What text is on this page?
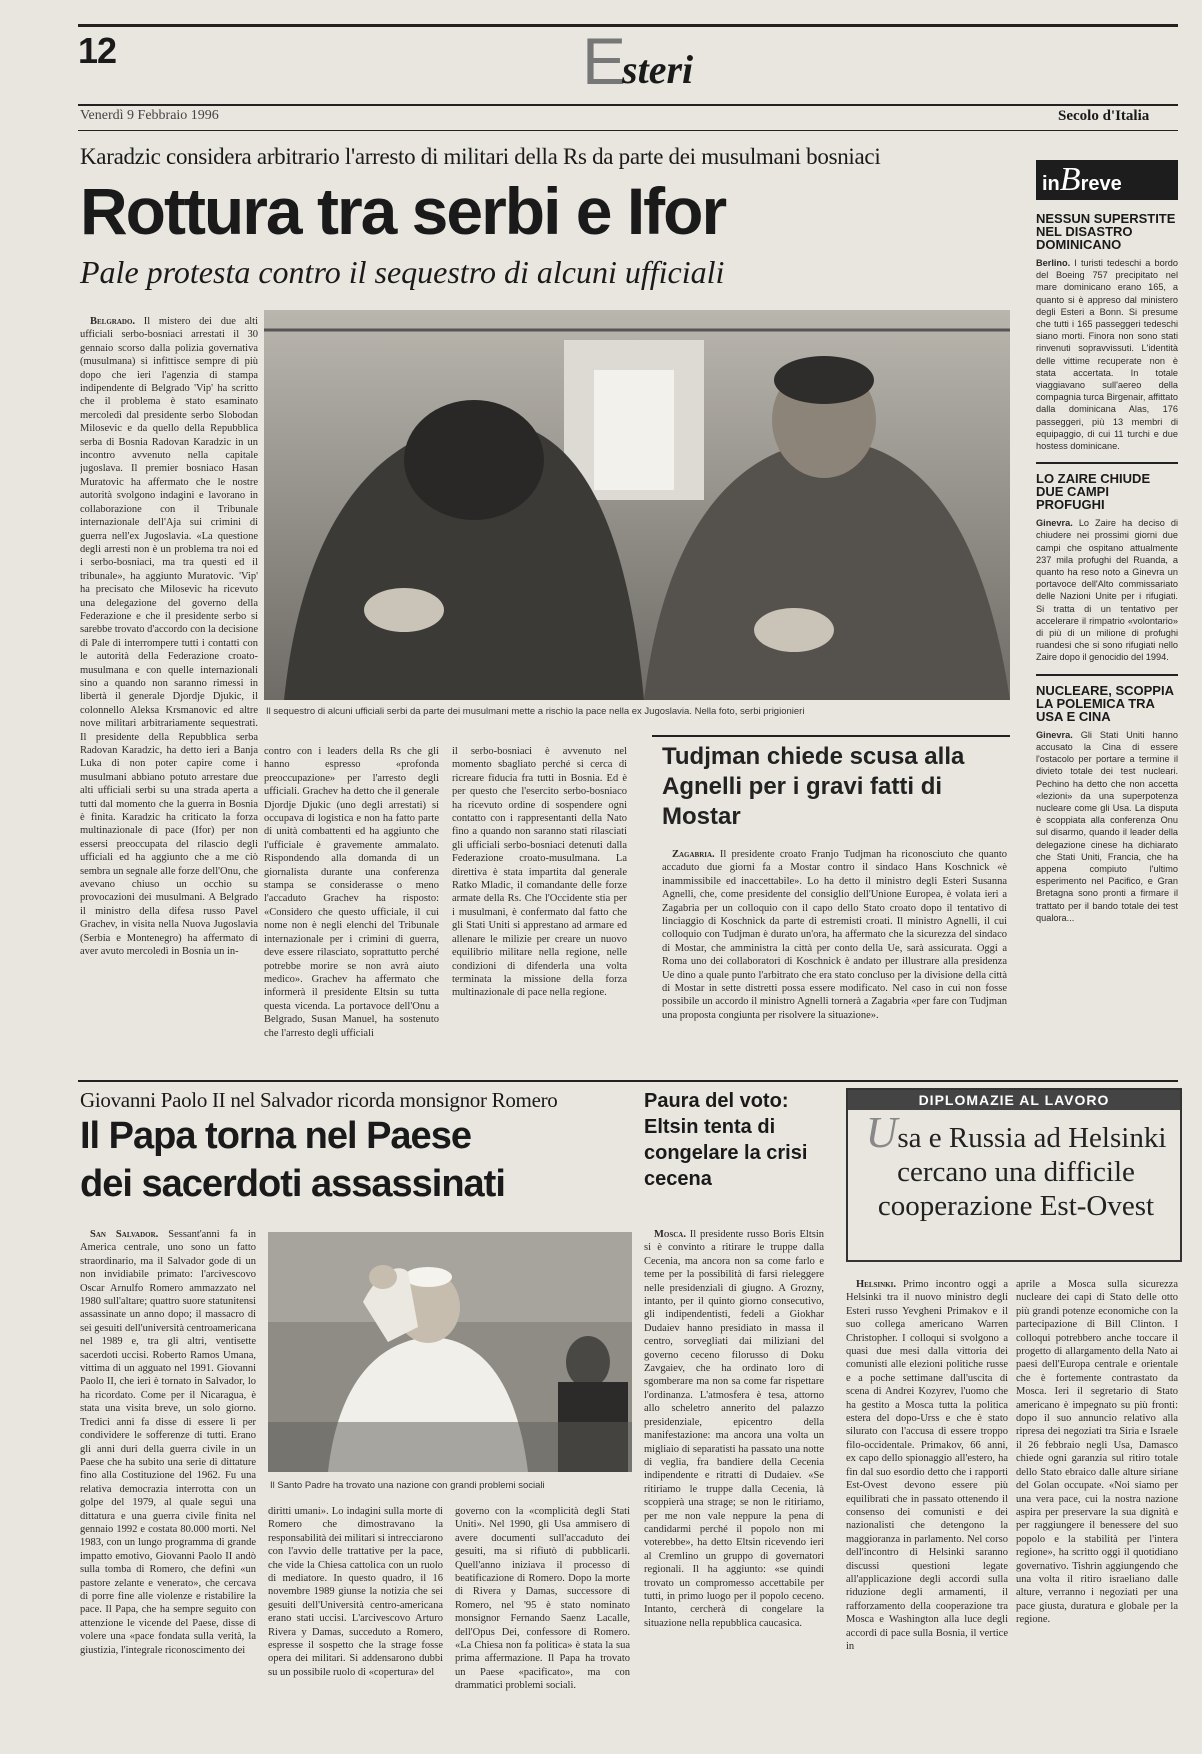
12	Esteri
Venerdì 9 Febbraio 1996	Secolo d'Italia
Karadzic considera arbitrario l'arresto di militari della Rs da parte dei musulmani bosniaci
Rottura tra serbi e Ifor
Pale protesta contro il sequestro di alcuni ufficiali

Belgrado. Il mistero dei due alti ufficiali serbo-bosniaci arrestati il 30 gennaio scorso dalla polizia governativa (musulmana) si infittisce sempre di più dopo che ieri l'agenzia di stampa indipendente di Belgrado 'Vip' ha scritto che il problema è stato esaminato mercoledì dal presidente serbo Slobodan Milosevic e da quello della Repubblica serba di Bosnia Radovan Karadzic in un incontro avvenuto nella capitale jugoslava. Il premier bosniaco Hasan Muratovic ha affermato che le nostre autorità svolgono indagini e lavorano in collaborazione con il Tribunale internazionale dell'Aja sui crimini di guerra nell'ex Jugoslavia. «La questione degli arresti non è un problema tra noi ed i serbo-bosniaci, ma tra questi ed il tribunale», ha aggiunto Muratovic. 'Vip' ha precisato che Milosevic ha ricevuto una delegazione del governo della Federazione e che il presidente serbo si sarebbe trovato d'accordo con la decisione di Pale di interrompere tutti i contatti con le autorità della Federazione croato-musulmana e con quelle internazionali sino a quando non saranno rimessi in libertà il generale Djordje Djukic, il colonnello Aleksa Krsmanovic ed altre nove militari arbitrariamente sequestrati. Il presidente della Repubblica serba Radovan Karadzic, ha detto ieri a Banja Luka di non poter capire come i musulmani abbiano potuto arrestare due alti ufficiali serbi su una strada aperta a tutti dal momento che la guerra in Bosnia è finita. Karadzic ha criticato la forza multinazionale di pace (Ifor) per non essersi preoccupata del rilascio degli ufficiali ed ha aggiunto che a me ciò sembra un segnale alle forze dell'Onu, che avevano chiuso un occhio su provocazioni dei musulmani. A Belgrado il ministro della difesa russo Pavel Grachev, in visita nella Nuova Jugoslavia (Serbia e Montenegro) ha affermato di aver avuto mercoledì in Bosnia un in-

Il sequestro di alcuni ufficiali serbi da parte dei musulmani mette a rischio la pace nella ex Jugoslavia. Nella foto, serbi prigionieri

contro con i leaders della Rs che gli hanno espresso «profonda preoccupazione» per l'arresto degli ufficiali. Grachev ha detto che il generale Djordje Djukic (uno degli arrestati) si occupava di logistica e non ha fatto parte di unità combattenti ed ha aggiunto che l'ufficiale è gravemente ammalato. Rispondendo alla domanda di un giornalista durante una conferenza stampa se considerasse o meno l'accaduto Grachev ha risposto: «Considero che questo ufficiale, il cui nome non è negli elenchi del Tribunale internazionale per i crimini di guerra, deve essere rilasciato, soprattutto perché potrebbe morire se non avrà aiuto medico». Grachev ha affermato che informerà il presidente Eltsin su tutta questa vicenda. La portavoce dell'Onu a Belgrado, Susan Manuel, ha sostenuto che l'arresto degli ufficiali

il serbo-bosniaci è avvenuto nel momento sbagliato perché si cerca di ricreare fiducia fra tutti in Bosnia. Ed è per questo che l'esercito serbo-bosniaco ha ricevuto ordine di sospendere ogni contatto con i rappresentanti della Nato fino a quando non saranno stati rilasciati gli ufficiali serbo-bosniaci detenuti dalla Federazione croato-musulmana. La direttiva è stata impartita dal generale Ratko Mladic, il comandante delle forze armate della Rs. Che l'Occidente stia per i musulmani, è confermato dal fatto che gli Stati Uniti si apprestano ad armare ed allenare le milizie per creare un nuovo equilibrio militare nella regione, nelle condizioni di difenderla una volta terminata la missione della forza multinazionale di pace nella regione.

Tudjman chiede scusa alla Agnelli per i gravi fatti di Mostar

Zagabria. Il presidente croato Franjo Tudjman ha riconosciuto che quanto accaduto due giorni fa a Mostar contro il sindaco Hans Koschnick «è inammissibile ed inaccettabile». Lo ha detto il ministro degli Esteri Susanna Agnelli, che, come presidente del consiglio dell'Unione Europea, è volata ieri a Zagabria per un colloquio con il capo dello Stato croato dopo il tentativo di linciaggio di Koschnick da parte di estremisti croati. Il ministro Agnelli, il cui colloquio con Tudjman è durato un'ora, ha affermato che la sicurezza del sindaco di Mostar, che amministra la città per conto della Ue, sarà assicurata. Oggi a Roma uno dei collaboratori di Koschnick è andato per illustrare alla presidenza Ue dino a quale punto l'arbitrato che era stato concluso per la divisione della città di Mostar in sette distretti possa essere modificato. Nel caso in cui non fosse possibile un accordo il ministro Agnelli tornerà a Zagabria «per fare con Tudjman una proposta congiunta per risolvere la situazione».

inBreve
NESSUN SUPERSTITE NEL DISASTRO DOMINICANO

Berlino. I turisti tedeschi a bordo del Boeing 757 precipitato nel mare dominicano erano 165, a quanto si è appreso dal ministero degli Esteri a Bonn. Si presume che tutti i 165 passeggeri tedeschi siano morti. Finora non sono stati rinvenuti sopravvissuti. L'identità delle vittime recuperate non è stata accertata. In totale viaggiavano sull'aereo della compagnia turca Birgenair, affittato dalla dominicana Alas, 176 passeggeri, più 13 membri di equipaggio, di cui 11 turchi e due hostess dominicane.

LO ZAIRE CHIUDE DUE CAMPI PROFUGHI

Ginevra. Lo Zaire ha deciso di chiudere nei prossimi giorni due campi che ospitano attualmente 237 mila profughi del Ruanda, a quanto ha reso noto a Ginevra un portavoce dell'Alto commissariato delle Nazioni Unite per i rifugiati. Si tratta di un tentativo per accelerare il rimpatrio «volontario» di più di un milione di profughi ruandesi che si sono rifugiati nello Zaire dopo il genocidio del 1994.

NUCLEARE, SCOPPIA LA POLEMICA TRA USA E CINA

Ginevra. Gli Stati Uniti hanno accusato la Cina di essere l'ostacolo per portare a termine il divieto totale dei test nucleari. Pechino ha detto che non accetta «lezioni» da una superpotenza nucleare come gli Usa. La disputa è scoppiata alla conferenza Onu sul disarmo, quando il leader della delegazione cinese ha dichiarato che Stati Uniti, Francia, che ha appena compiuto l'ultimo esperimento nel Pacifico, e Gran Bretagna sono pronti a firmare il trattato per il bando totale dei test qualora...

Giovanni Paolo II nel Salvador ricorda monsignor Romero
Il Papa torna nel Paese
dei sacerdoti assassinati

San Salvador. Sessant'anni fa in America centrale, uno sono un fatto straordinario, ma il Salvador gode di un non invidiabile primato: l'arcivescovo Oscar Arnulfo Romero ammazzato nel 1980 sull'altare; quattro suore statunitensi assassinate un anno dopo; il massacro di sei gesuiti dell'università centroamericana nel 1989 e, tra gli altri, ventisette sacerdoti uccisi. Roberto Ramos Umana, vittima di un agguato nel 1991. Giovanni Paolo II, che ieri è tornato in Salvador, lo ha ricordato. Come per il Nicaragua, è stata una visita breve, un solo giorno. Tredici anni fa disse di essere lì per condividere le sofferenze di tutti. Erano gli anni duri della guerra civile in un Paese che ha subito una serie di dittature fino alla Costituzione del 1962. Fu una relativa democrazia interrotta con un golpe del 1979, al quale seguì una dittatura e una guerra civile finita nel gennaio 1992 e costata 80.000 morti. Nel 1983, con un lungo programma di grande impatto emotivo, Giovanni Paolo II andò sulla tomba di Romero, che definì «un pastore zelante e venerato», che cercava di porre fine alle violenze e ristabilire la pace. Il Papa, che ha sempre seguito con attenzione le vicende del Paese, disse di volere una «pace fondata sulla verità, la giustizia, l'integrale riconoscimento dei

Il Santo Padre ha trovato una nazione con grandi problemi sociali

diritti umani». Lo indagini sulla morte di Romero che dimostravano la responsabilità dei militari si intrecciarono con l'avvio delle trattative per la pace, che vide la Chiesa cattolica con un ruolo di mediatore. In questo quadro, il 16 novembre 1989 giunse la notizia che sei gesuiti dell'Università centro-americana erano stati uccisi. L'arcivescovo Arturo Rivera y Damas, succeduto a Romero, espresse il sospetto che la strage fosse opera dei militari. Si addensarono dubbi su un possibile ruolo di «copertura» del

governo con la «complicità degli Stati Uniti». Nel 1990, gli Usa ammisero di avere documenti sull'accaduto dei gesuiti, ma si rifiutò di pubblicarli. Quell'anno iniziava il processo di beatificazione di Romero. Dopo la morte di Rivera y Damas, successore di Romero, nel '95 è stato nominato monsignor Fernando Saenz Lacalle, dell'Opus Dei, confessore di Romero. «La Chiesa non fa politica» è stata la sua prima affermazione. Il Papa ha trovato un Paese «pacificato», ma con drammatici problemi sociali.

Paura del voto: Eltsin tenta di congelare la crisi cecena

Mosca. Il presidente russo Boris Eltsin si è convinto a ritirare le truppe dalla Cecenia, ma ancora non sa come farlo e teme per la possibilità di farsi rieleggere nelle presidenziali di giugno. A Grozny, intanto, per il quinto giorno consecutivo, gli indipendentisti, fedeli a Giokhar Dudaiev hanno presidiato in massa il centro, sorvegliati dai miliziani del governo ceceno filorusso di Doku Zavgaiev, che ha ordinato loro di sgomberare ma non sa come far rispettare l'ordinanza. L'atmosfera è tesa, attorno allo scheletro annerito del palazzo presidenziale, epicentro della manifestazione: ma ancora una volta un migliaio di separatisti ha passato una notte di veglia, fra bandiere della Cecenia indipendente e ritratti di Dudaiev. «Se ritiriamo le truppe dalla Cecenia, là scoppierà una strage; se non le ritiriamo, per me non vale neppure la pena di candidarmi perché il popolo non mi voterebbe», ha detto Eltsin ricevendo ieri al Cremlino un gruppo di governatori regionali. Il ha aggiunto: «se quindi trovato un compromesso accettabile per tutti, in primo luogo per il popolo ceceno. Intanto, cercherà di congelare la situazione nella repubblica caucasica.

DIPLOMAZIE AL LAVORO
Usa e Russia ad Helsinki
cercano una difficile
cooperazione Est-Ovest

Helsinki. Primo incontro oggi a Helsinki tra il nuovo ministro degli Esteri russo Yevgheni Primakov e il suo collega americano Warren Christopher. I colloqui si svolgono a quasi due mesi dalla vittoria dei comunisti alle elezioni politiche russe e a poche settimane dall'uscita di scena di Andrei Kozyrev, l'uomo che ha gestito a Mosca tutta la politica estera del dopo-Urss e che è stato silurato con l'accusa di essere troppo filo-occidentale. Primakov, 66 anni, ex capo dello spionaggio all'estero, ha fin dal suo esordio detto che i rapporti Est-Ovest devono essere più equilibrati che in passato ottenendo il consenso dei comunisti e dei nazionalisti che detengono la maggioranza in parlamento. Nel corso dell'incontro di Helsinki saranno discussi questioni legate all'applicazione degli accordi sulla riduzione degli armamenti, il rafforzamento della cooperazione tra Mosca e Washington alla luce degli accordi di pace sulla Bosnia, il vertice in

aprile a Mosca sulla sicurezza nucleare dei capi di Stato delle otto più grandi potenze economiche con la partecipazione di Bill Clinton. I colloqui potrebbero anche toccare il progetto di allargamento della Nato ai paesi dell'Europa centrale e orientale che è fortemente contrastato da Mosca. Ieri il segretario di Stato americano è impegnato su più fronti: dopo il suo annuncio relativo alla ripresa dei negoziati tra Siria e Israele il 26 febbraio negli Usa, Damasco chiede ogni garanzia sul ritiro totale dello Stato ebraico dalle alture siriane del Golan occupate. «Noi siamo per una vera pace, cui la nostra nazione aspira per preservare la sua dignità e per raggiungere il benessere del suo popolo e la stabilità per l'intera regione», ha scritto oggi il quotidiano governativo. Tishrin aggiungendo che una volta il ritiro israeliano dalle alture, verranno i negoziati per una pace giusta, duratura e globale per la regione.
